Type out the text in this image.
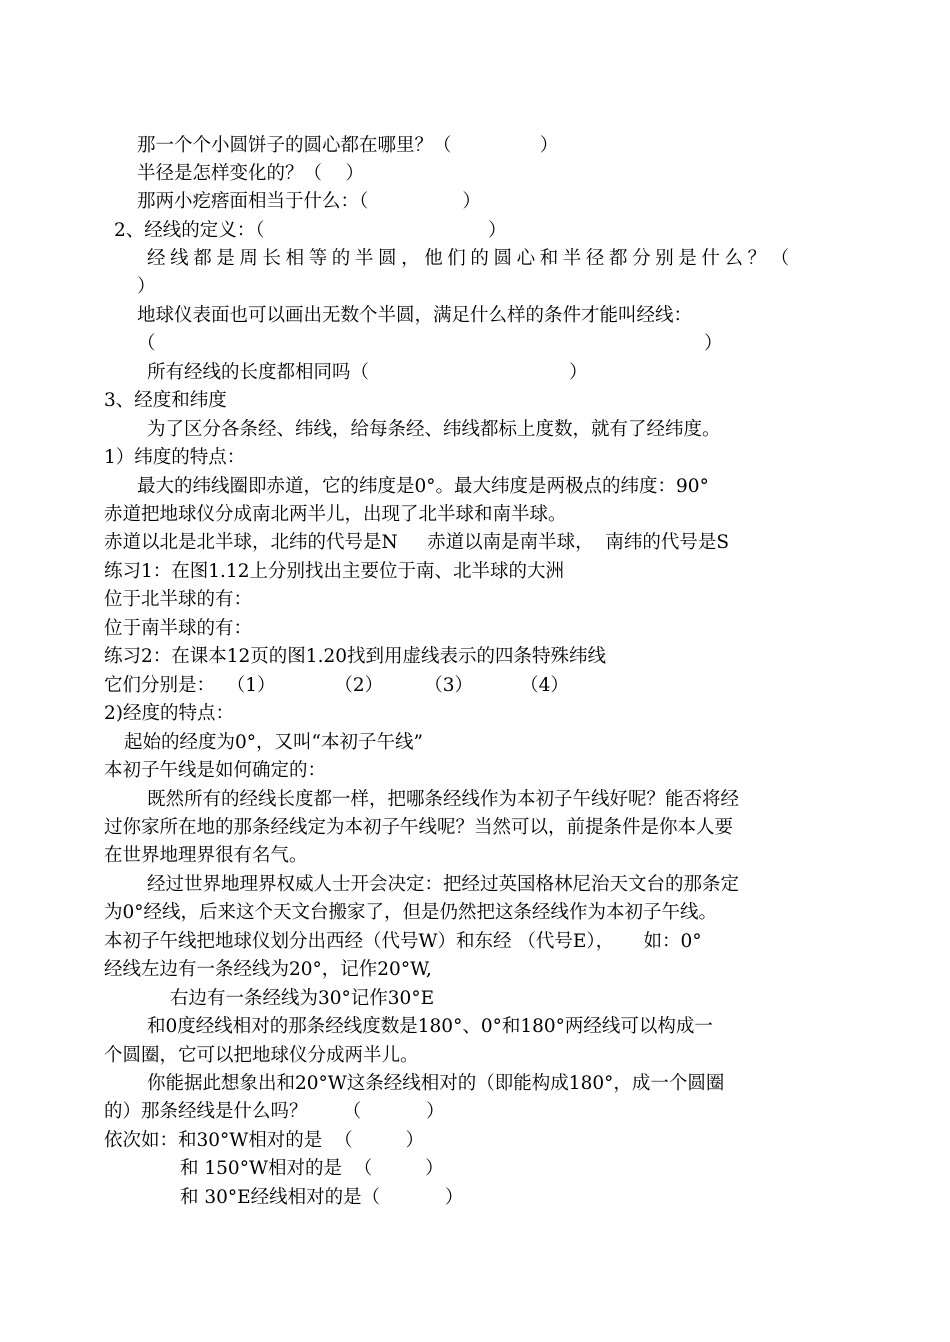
那一个个小圆饼子的圆心都在哪里？（               ）
半径是怎样变化的？（    ）
那两小疙瘩面相当于什么：（                ）
2、经线的定义：（                                      ）
经线都是周长相等的半圆，他们的圆心和半径都分别是什么？（
）
地球仪表面也可以画出无数个半圆，满足什么样的条件才能叫经线：
（	）
所有经线的长度都相同吗（                                  ）
3、经度和纬度
为了区分各条经、纬线，给每条经、纬线都标上度数，就有了经纬度。
1）纬度的特点：
最大的纬线圈即赤道，它的纬度是0°。最大纬度是两极点的纬度：90°
赤道把地球仪分成南北两半儿，出现了北半球和南半球。
赤道以北是北半球，北纬的代号是N     赤道以南是南半球，  南纬的代号是S
练习1：在图1.12上分别找出主要位于南、北半球的大洲
位于北半球的有：
位于南半球的有：
练习2：在课本12页的图1.20找到用虚线表示的四条特殊纬线
它们分别是：  （1）          （2）       （3）        （4）
2)经度的特点：
起始的经度为0°，又叫“本初子午线”
本初子午线是如何确定的：
既然所有的经线长度都一样，把哪条经线作为本初子午线好呢？能否将经
过你家所在地的那条经线定为本初子午线呢？当然可以，前提条件是你本人要
在世界地理界很有名气。
经过世界地理界权威人士开会决定：把经过英国格林尼治天文台的那条定
为0°经线，后来这个天文台搬家了，但是仍然把这条经线作为本初子午线。
本初子午线把地球仪划分出西经（代号W）和东经 （代号E），     如：0°
经线左边有一条经线为20°，记作20°W,
右边有一条经线为30°记作30°E
和0度经线相对的那条经线度数是180°、0°和180°两经线可以构成一
个圆圈，它可以把地球仪分成两半儿。
你能据此想象出和20°W这条经线相对的（即能构成180°，成一个圆圈
的）那条经线是什么吗？      （           ）
依次如：和30°W相对的是  （         ）
和 150°W相对的是  （         ）
和 30°E经线相对的是（           ）
